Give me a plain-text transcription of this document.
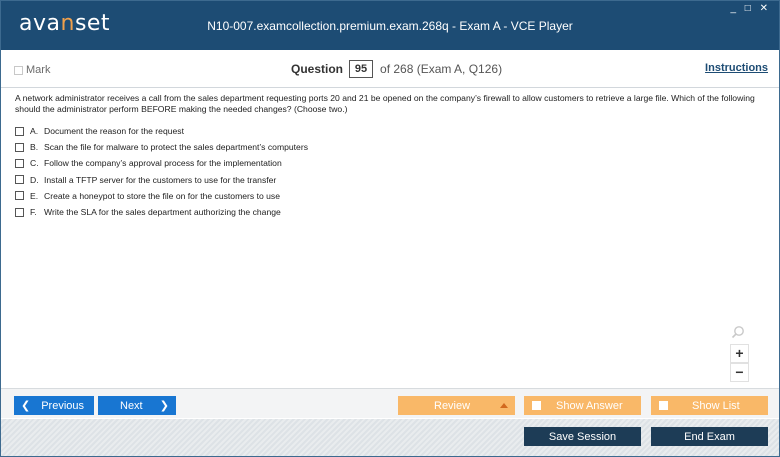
avanset	N10-007.examcollection.premium.exam.268q - Exam A - VCE Player
_ □ ✕
Mark	Question	95	of 268 (Exam A, Q126)	Instructions

A network administrator receives a call from the sales department requesting ports 20 and 21 be opened on the company’s firewall to allow customers to retrieve a large file. Which of the following should the administrator perform BEFORE making the needed changes? (Choose two.)

A. Document the reason for the request
B. Scan the file for malware to protect the sales department’s computers
C. Follow the company’s approval process for the implementation
D. Install a TFTP server for the customers to use for the transfer
E. Create a honeypot to store the file on for the customers to use
F. Write the SLA for the sales department authorizing the change
+
−
❮ Previous	Next ❯	Review	Show Answer	Show List
Save Session	End Exam
